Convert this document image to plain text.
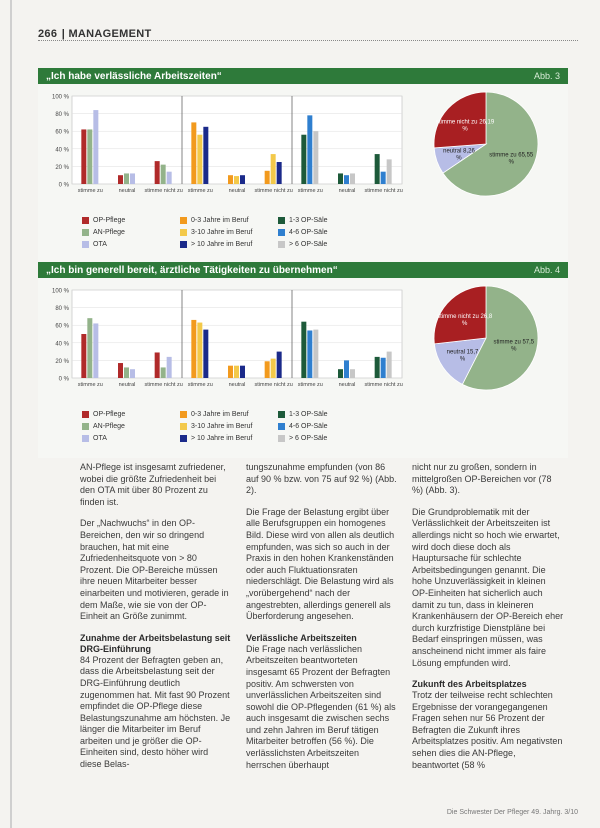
266 | MANAGEMENT
„Ich habe verlässliche Arbeitszeiten“	Abb. 3
100 %
80 %
60 %
40 %
20 %
0 %
stimme zu	neutral stimme nicht zu stimme zu	neutral stimme nicht zu stimme zu	neutral stimme nicht zu
stimme zu 65,55
%
neutral 8,26
%
stimme nicht zu 26,19
%
OP-Pflege
AN-Pflege
OTA
0-3 Jahre im Beruf
3-10 Jahre im Beruf
> 10 Jahre im Beruf
1-3 OP-Säle
4-6 OP-Säle
> 6 OP-Säle
„Ich bin generell bereit, ärztliche Tätigkeiten zu übernehmen“	Abb. 4
100 %
80 %
60 %
40 %
20 %
0 %
stimme zu	neutral stimme nicht zu stimme zu	neutral stimme nicht zu stimme zu	neutral stimme nicht zu
stimme zu 57,5
%
neutral 15,7
%
stimme nicht zu 26,8
%
OP-Pflege
AN-Pflege
OTA
0-3 Jahre im Beruf
3-10 Jahre im Beruf
> 10 Jahre im Beruf
1-3 OP-Säle
4-6 OP-Säle
> 6 OP-Säle

AN-Pflege ist insgesamt zufriedener, wobei die größte Zufriedenheit bei den OTA mit über 80 Prozent zu finden ist.

Der „Nachwuchs“ in den OP-Bereichen, den wir so dringend brauchen, hat mit eine Zufriedenheitsquote von > 80 Prozent. Die OP-Bereiche müssen ihre neuen Mitarbeiter besser einarbeiten und motivieren, gerade in dem Maße, wie sie von der OP-Einheit an Größe zunimmt.

Zunahme der Arbeitsbelastung seit DRG-Einführung

84 Prozent der Befragten geben an, dass die Arbeitsbelastung seit der DRG-Einführung deutlich zugenommen hat. Mit fast 90 Prozent empfindet die OP-Pflege diese Belastungszunahme am höchsten. Je länger die Mitarbeiter im Beruf arbeiten und je größer die OP-Einheiten sind, desto höher wird diese Belas-

tungszunahme empfunden (von 86 auf 90 % bzw. von 75 auf 92 %) (Abb. 2).

Die Frage der Belastung ergibt über alle Berufsgruppen ein homogenes Bild. Diese wird von allen als deutlich empfunden, was sich so auch in der Praxis in den hohen Krankenständen oder auch Fluktuationsraten niederschlägt. Die Belastung wird als „vorübergehend“ nach der angestrebten, allerdings generell als Überforderung angesehen.

Verlässliche Arbeitszeiten

Die Frage nach verlässlichen Arbeitszeiten beantworteten insgesamt 65 Prozent der Befragten positiv. Am schwersten von unverlässlichen Arbeitszeiten sind sowohl die OP-Pflegenden (61 %) als auch insgesamt die zwischen sechs und zehn Jahren im Beruf tätigen Mitarbeiter betroffen (56 %). Die verlässlichsten Arbeitszeiten herrschen überhaupt

nicht nur zu großen, sondern in mittelgroßen OP-Bereichen vor (78 %) (Abb. 3).

Die Grundproblematik mit der Verlässlichkeit der Arbeitszeiten ist allerdings nicht so hoch wie erwartet, wird doch diese doch als Hauptursache für schlechte Arbeitsbedingungen genannt. Die hohe Unzuverlässigkeit in kleinen OP-Einheiten hat sicherlich auch damit zu tun, dass in kleineren Krankenhäusern der OP-Bereich eher durch kurzfristige Dienstpläne bei Bedarf einspringen müssen, was anscheinend nicht immer als faire Lösung empfunden wird.

Zukunft des Arbeitsplatzes

Trotz der teilweise recht schlechten Ergebnisse der vorangegangenen Fragen sehen nur 56 Prozent der Befragten die Zukunft ihres Arbeitsplatzes positiv. Am negativsten sehen dies die AN-Pflege, beantwortet (58 %

Die Schwester Der Pfleger 49. Jahrg. 3/10
